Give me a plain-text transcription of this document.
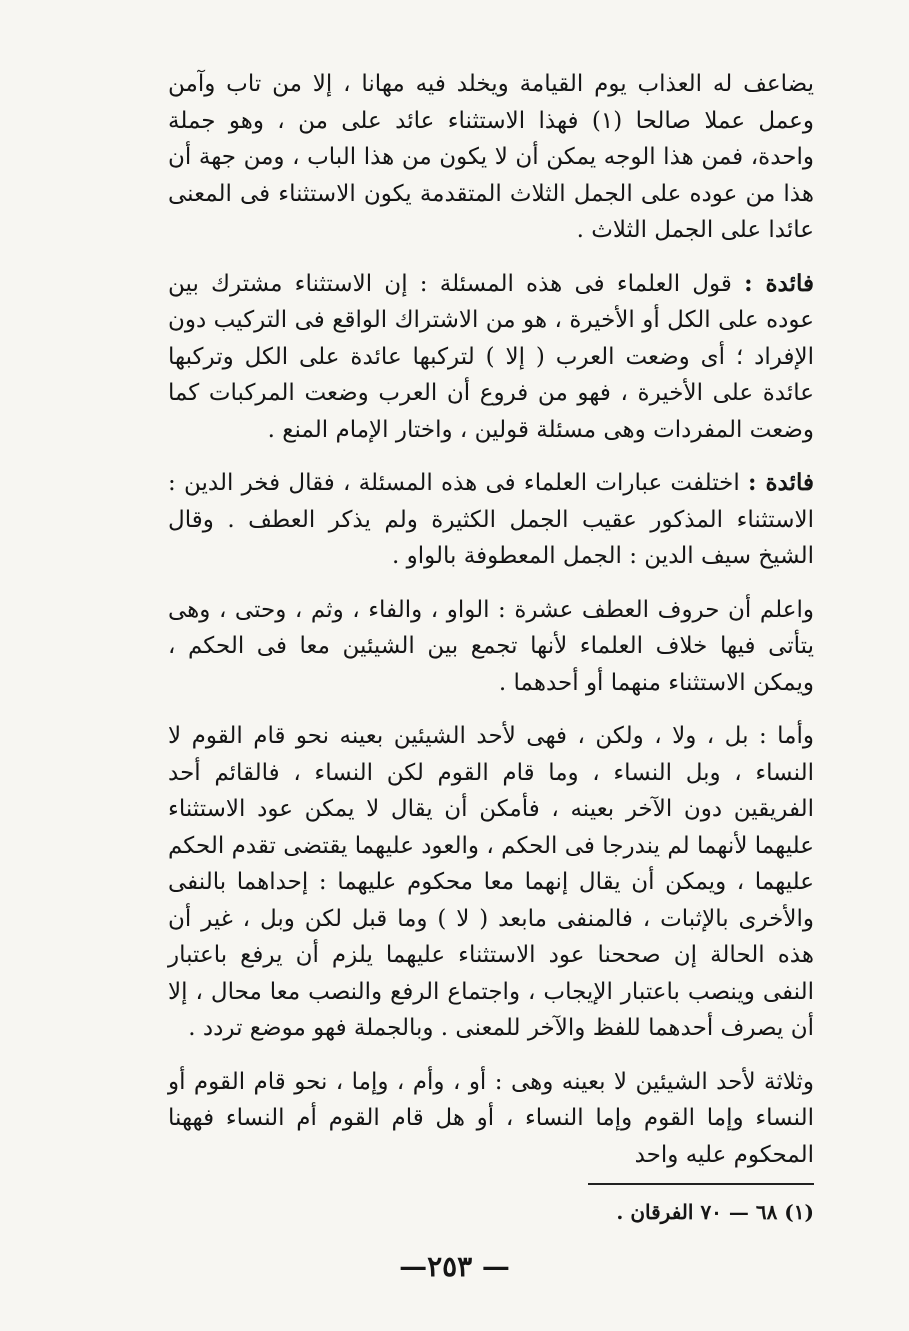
يضاعف له العذاب يوم القيامة ويخلد فيه مهانا ، إلا من تاب وآمن وعمل عملا صالحا (١) فهذا الاستثناء عائد على من ، وهو جملة واحدة، فمن هذا الوجه يمكن أن لا يكون من هذا الباب ، ومن جهة أن هذا من عوده على الجمل الثلاث المتقدمة يكون الاستثناء فى المعنى عائدا على الجمل الثلاث .

فائدة : قول العلماء فى هذه المسئلة : إن الاستثناء مشترك بين عوده على الكل أو الأخيرة ، هو من الاشتراك الواقع فى التركيب دون الإفراد ؛ أى وضعت العرب ( إلا ) لتركبها عائدة على الكل وتركبها عائدة على الأخيرة ، فهو من فروع أن العرب وضعت المركبات كما وضعت المفردات وهى مسئلة قولين ، واختار الإمام المنع .

فائدة : اختلفت عبارات العلماء فى هذه المسئلة ، فقال فخر الدين : الاستثناء المذكور عقيب الجمل الكثيرة ولم يذكر العطف . وقال الشيخ سيف الدين : الجمل المعطوفة بالواو .

واعلم أن حروف العطف عشرة : الواو ، والفاء ، وثم ، وحتى ، وهى يتأتى فيها خلاف العلماء لأنها تجمع بين الشيئين معا فى الحكم ، ويمكن الاستثناء منهما أو أحدهما .

وأما : بل ، ولا ، ولكن ، فهى لأحد الشيئين بعينه نحو قام القوم لا النساء ، وبل النساء ، وما قام القوم لكن النساء ، فالقائم أحد الفريقين دون الآخر بعينه ، فأمكن أن يقال لا يمكن عود الاستثناء عليهما لأنهما لم يندرجا فى الحكم ، والعود عليهما يقتضى تقدم الحكم عليهما ، ويمكن أن يقال إنهما معا محكوم عليهما : إحداهما بالنفى والأخرى بالإثبات ، فالمنفى مابعد ( لا ) وما قبل لكن وبل ، غير أن هذه الحالة إن صححنا عود الاستثناء عليهما يلزم أن يرفع باعتبار النفى وينصب باعتبار الإيجاب ، واجتماع الرفع والنصب معا محال ، إلا أن يصرف أحدهما للفظ والآخر للمعنى . وبالجملة فهو موضع تردد .

وثلاثة لأحد الشيئين لا بعينه وهى : أو ، وأم ، وإما ، نحو قام القوم أو النساء وإما القوم وإما النساء ، أو هل قام القوم أم النساء فههنا المحكوم عليه واحد

(١) ٦٨ — ٧٠ الفرقان .
— ٢٥٣—
